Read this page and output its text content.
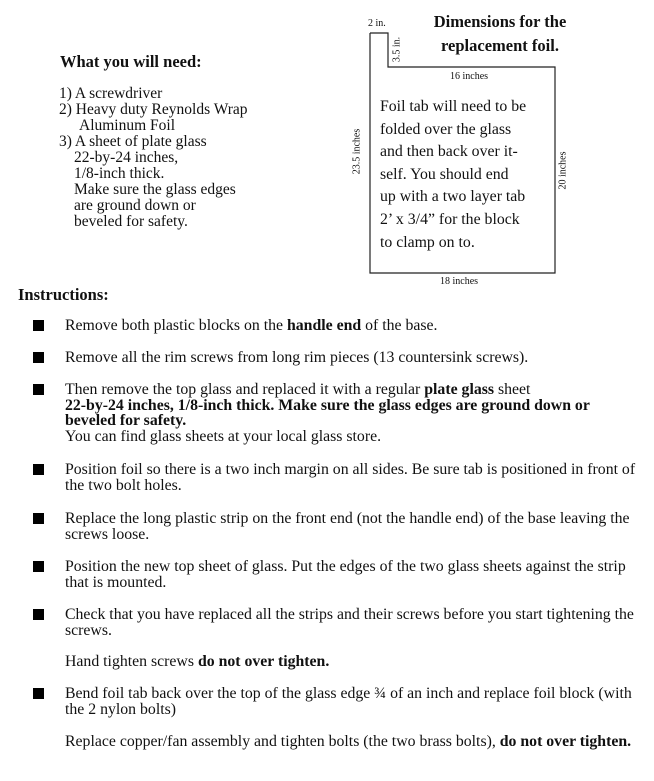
What you will need:
1) A screwdriver
2) Heavy duty Reynolds Wrap
Aluminum Foil
3) A sheet of plate glass
22-by-24 inches,
1/8-inch thick.
Make sure the glass edges
are ground down or
beveled for safety.
Dimensions for the
replacement foil.
2 in.
3.5 in.
16 inches
23.5 inches	20 inches
18 inches
Foil tab will need to be
folded over the glass
and then back over it-
self. You should end
up with a two layer tab
2’ x 3/4” for the block
to clamp on to.
Instructions:
Remove both plastic blocks on the handle end of the base.
Remove all the rim screws from long rim pieces (13 countersink screws).
Then remove the top glass and replaced it with a regular plate glass sheet
22-by-24 inches, 1/8-inch thick. Make sure the glass edges are ground down or beveled for safety.
You can find glass sheets at your local glass store.
Position foil so there is a two inch margin on all sides. Be sure tab is positioned in front of the two bolt holes.
Replace the long plastic strip on the front end (not the handle end) of the base leaving the screws loose.
Position the new top sheet of glass. Put the edges of the two glass sheets against the strip that is mounted.
Check that you have replaced all the strips and their screws before you start tightening the screws.
Hand tighten screws do not over tighten.
Bend foil tab back over the top of the glass edge ¾ of an inch and replace foil block (with the 2 nylon bolts)
Replace copper/fan assembly and tighten bolts (the two brass bolts), do not over tighten.
